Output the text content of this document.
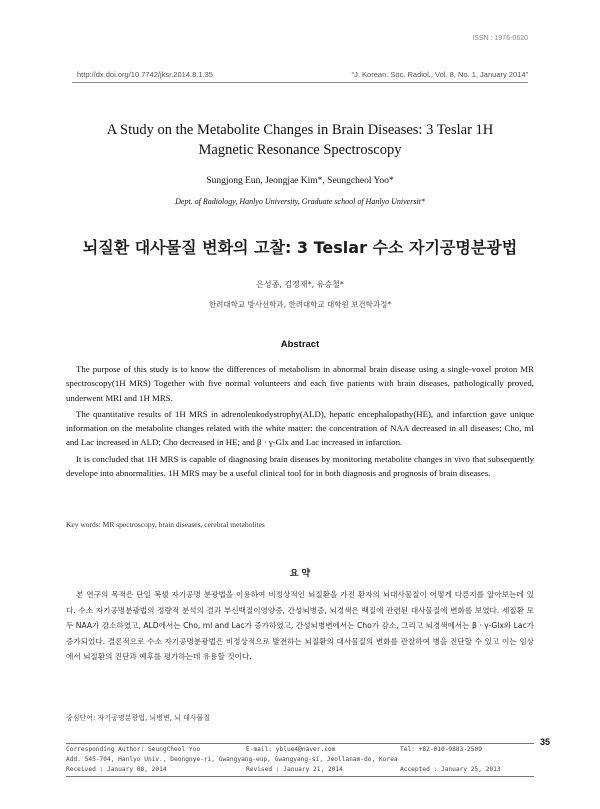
ISSN : 1976-0620
http://dx.doi.org/10.7742/jksr.2014.8.1.35	“J. Korean. Soc. Radiol., Vol. 8, No. 1, January 2014”
A Study on the Metabolite Changes in Brain Diseases: 3 Teslar 1H
Magnetic Resonance Spectroscopy
Sungjong Eun, Jeongjae Kim*, Seungcheol Yoo*
Dept. of Radiology, Hanlyo University, Graduate school of Hanlyo Universit*
뇌질환 대사물질 변화의 고찰: 3 Teslar 수소 자기공명분광법
은성종, 김정재*, 유승철*
한려대학교 방사선학과, 한려대학교 대학원 보건학과정*
Abstract

The purpose of this study is to know the differences of metabolism in abnormal brain disease using a single-voxel proton MR spectroscopy(1H MRS) Together with five normal volunteers and each five patients with brain diseases, pathologically proved, underwent MRI and 1H MRS.

The quantitative results of 1H MRS in adrenoleukodystrophy(ALD), hepatic encephalopathy(HE), and infarction gave unique information on the metabolite changes related with the white matter: the concentration of NAA decreased in all diseases; Cho, mI and Lac increased in ALD; Cho decreased in HE; and β · γ-Glx and Lac increased in infarction.

It is concluded that 1H MRS is capable of diagnosing brain diseases by monitoring metabolite changes in vivo that subsequently develope into abnormalities. 1H MRS may be a useful clinical tool for in both diagnosis and prognosis of brain diseases.

Key words: MR spectroscopy, brain diseases, cerebral metabolites
요 약

본 연구의 목적은 단일 복셀 자기공명 분광법을 이용하여 비정상적인 뇌질환을 가진 환자의 뇌대사물질이 어떻게 다른지를 알아보는데 있다. 수소 자기공명분광법의 정량적 분석의 결과 부신백질이영양증, 간성뇌병증, 뇌경색은 백질에 관련된 대사물질에 변화를 보였다. 세질환 모두 NAA가 감소하였고, ALD에서는 Cho, mI and Lac가 증가하였고, 간성뇌병변에서는 Cho가 감소, 그리고 뇌경색에서는 β · γ-Glx와 Lac가 증가되었다. 결론적으로 수소 자기공명분광법은 비정상적으로 발전하는 뇌질환의 대사물질의 변화를 관찰하여 병을 진단할 수 있고 이는 임상에서 뇌질환의 진단과 예후를 평가하는데 유용할 것이다.

중심단어: 자기공명분광법, 뇌병변, 뇌 대사물질
35
Corresponding Author: SeungCheol Yoo	E-mail: yblue4@naver.com	Tel: +82-010-9883-2509
Add. 545-704, Hanlyo Univ., Deongnye-ri, Gwangyang-eup, Gwangyang-si, Jeollanam-do, Korea
Received : January 08, 2014	Revised : January 21, 2014	Accepted : January 25, 2013
